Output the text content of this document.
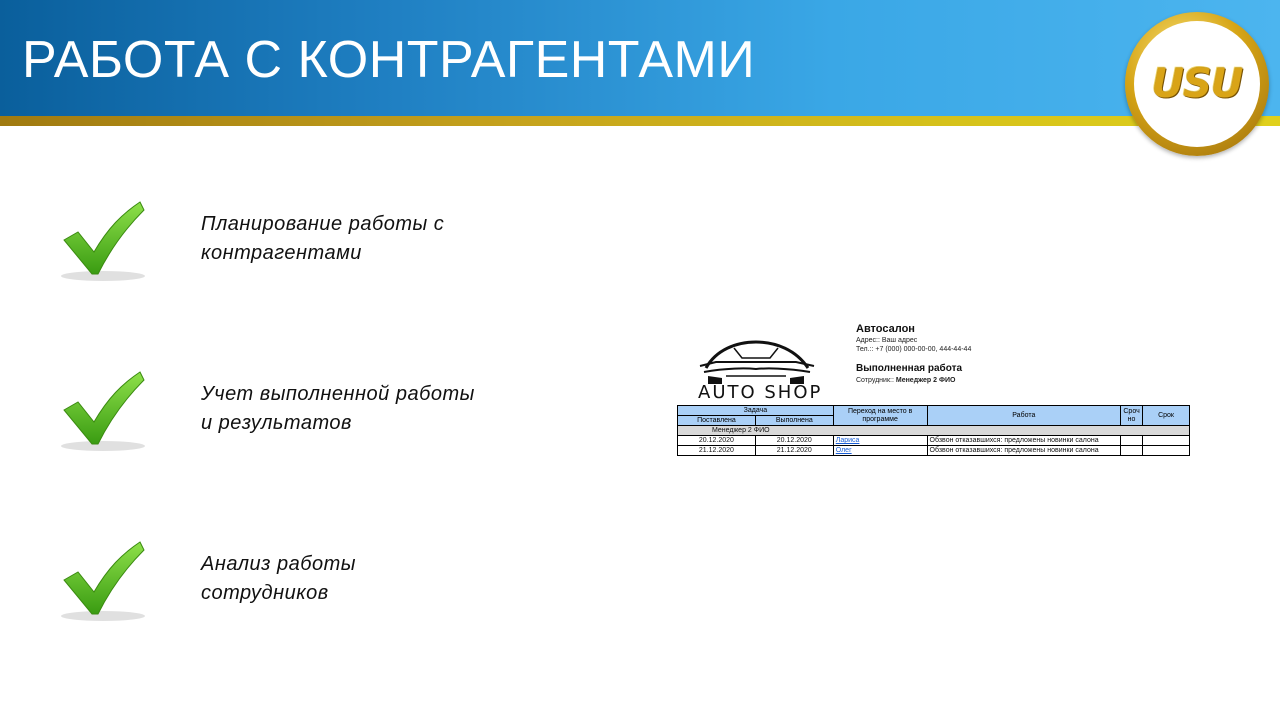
РАБОТА С КОНТРАГЕНТАМИ	USU
Планирование работы с
контрагентами
Учет выполненной работы
и результатов
Анализ работы
сотрудников
AUTO SHOP
Автосалон
Адрес:: Ваш адрес
Тел.:: +7 (000) 000-00-00, 444-44-44
Выполненная работа
Сотрудник:: Менеджер 2 ФИО
Задача		Переход на место в программе	Работа	Сроч но	Срок
Поставлена	Выполнена				
Менеджер 2 ФИО					
20.12.2020	20.12.2020	Лариса	Обзвон отказавшихся: предложены новинки салона		
21.12.2020	21.12.2020	Олег	Обзвон отказавшихся: предложены новинки салона		
